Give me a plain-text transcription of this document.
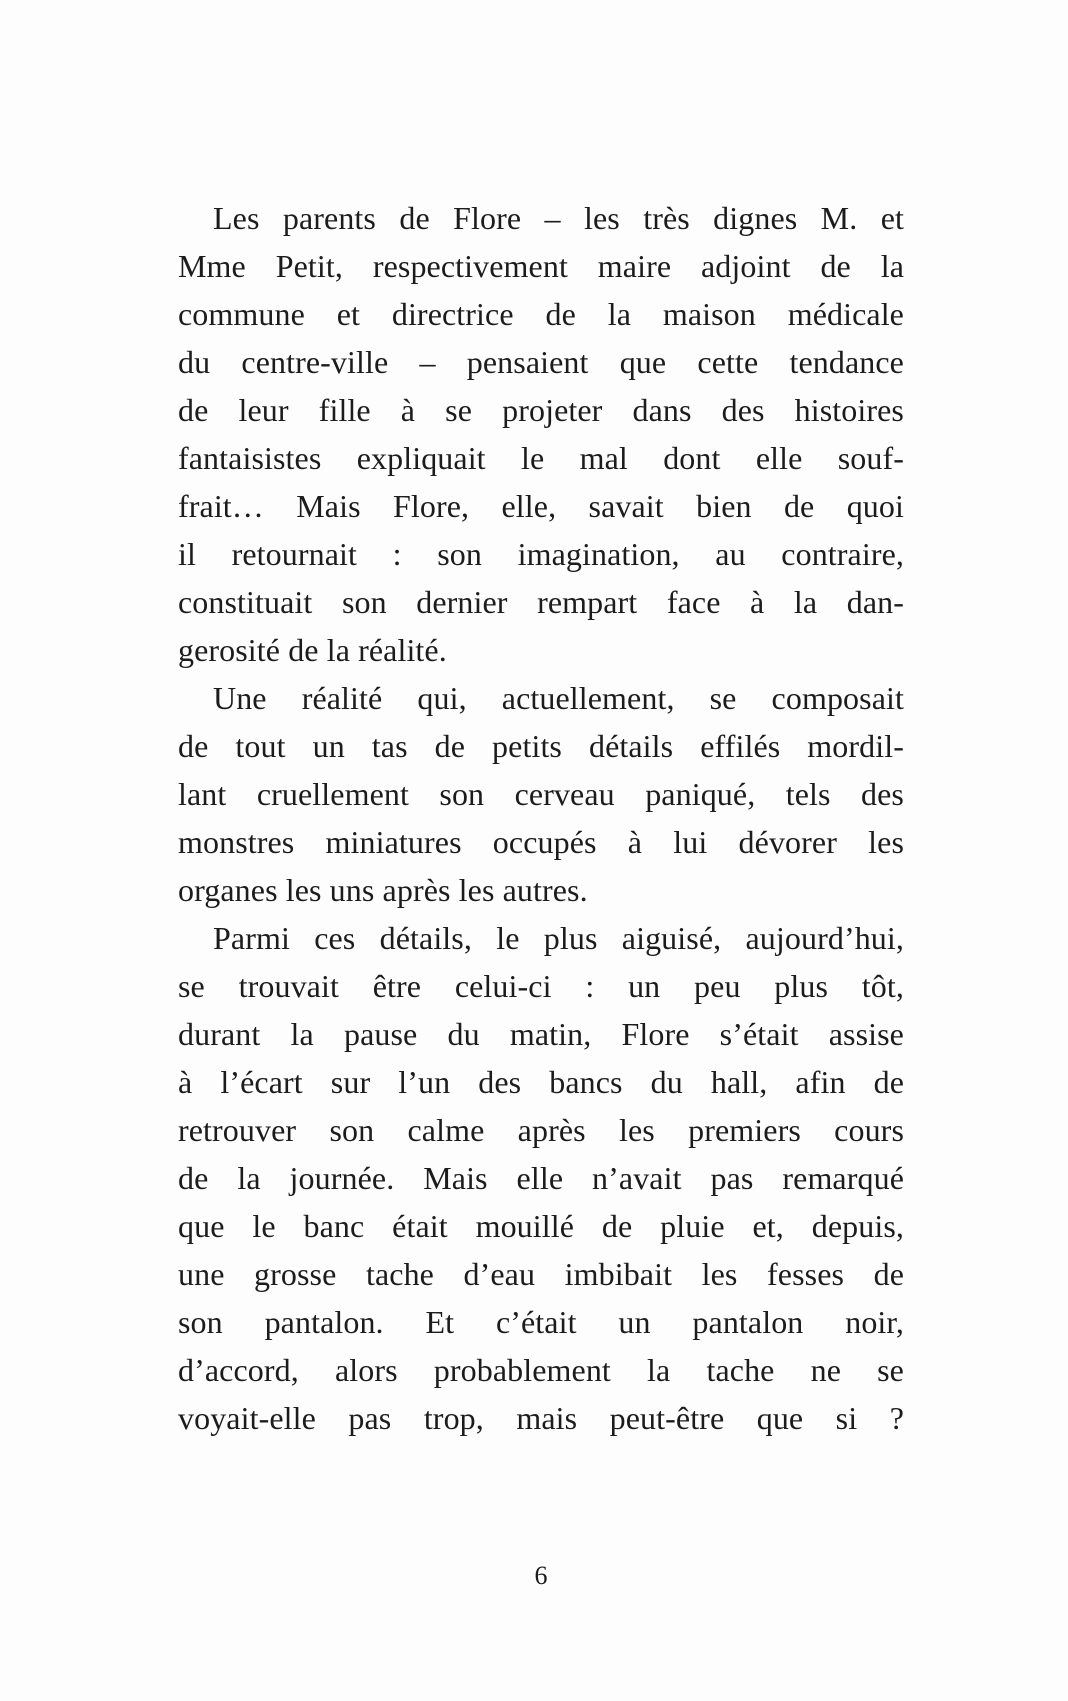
Les parents de Flore – les très dignes M. et
Mme Petit, respectivement maire adjoint de la
commune et directrice de la maison médicale
du centre-ville – pensaient que cette tendance
de leur fille à se projeter dans des histoires
fantaisistes expliquait le mal dont elle souf-
frait… Mais Flore, elle, savait bien de quoi
il retournait : son imagination, au contraire,
constituait son dernier rempart face à la dan-
gerosité de la réalité.

Une réalité qui, actuellement, se composait
de tout un tas de petits détails effilés mordil-
lant cruellement son cerveau paniqué, tels des
monstres miniatures occupés à lui dévorer les
organes les uns après les autres.

Parmi ces détails, le plus aiguisé, aujourd’hui,
se trouvait être celui-ci : un peu plus tôt,
durant la pause du matin, Flore s’était assise
à l’écart sur l’un des bancs du hall, afin de
retrouver son calme après les premiers cours
de la journée. Mais elle n’avait pas remarqué
que le banc était mouillé de pluie et, depuis,
une grosse tache d’eau imbibait les fesses de
son pantalon. Et c’était un pantalon noir,
d’accord, alors probablement la tache ne se
voyait-elle pas trop, mais peut-être que si ?

6
